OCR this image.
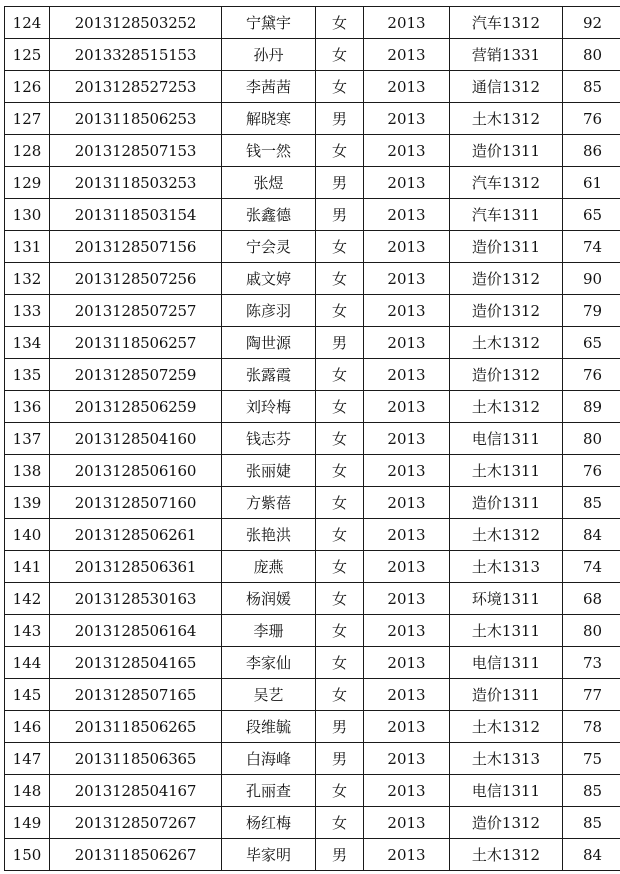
124	2013128503252	宁黛宇	女	2013	汽车1312	92
125	2013328515153	孙丹	女	2013	营销1331	80
126	2013128527253	李茜茜	女	2013	通信1312	85
127	2013118506253	解晓寒	男	2013	土木1312	76
128	2013128507153	钱一然	女	2013	造价1311	86
129	2013118503253	张煜	男	2013	汽车1312	61
130	2013118503154	张鑫德	男	2013	汽车1311	65
131	2013128507156	宁会灵	女	2013	造价1311	74
132	2013128507256	戚文婷	女	2013	造价1312	90
133	2013128507257	陈彦羽	女	2013	造价1312	79
134	2013118506257	陶世源	男	2013	土木1312	65
135	2013128507259	张露霞	女	2013	造价1312	76
136	2013128506259	刘玲梅	女	2013	土木1312	89
137	2013128504160	钱志芬	女	2013	电信1311	80
138	2013128506160	张丽婕	女	2013	土木1311	76
139	2013128507160	方紫蓓	女	2013	造价1311	85
140	2013128506261	张艳洪	女	2013	土木1312	84
141	2013128506361	庞燕	女	2013	土木1313	74
142	2013128530163	杨润媛	女	2013	环境1311	68
143	2013128506164	李珊	女	2013	土木1311	80
144	2013128504165	李家仙	女	2013	电信1311	73
145	2013128507165	吴艺	女	2013	造价1311	77
146	2013118506265	段维毓	男	2013	土木1312	78
147	2013118506365	白海峰	男	2013	土木1313	75
148	2013128504167	孔丽查	女	2013	电信1311	85
149	2013128507267	杨红梅	女	2013	造价1312	85
150	2013118506267	毕家明	男	2013	土木1312	84
